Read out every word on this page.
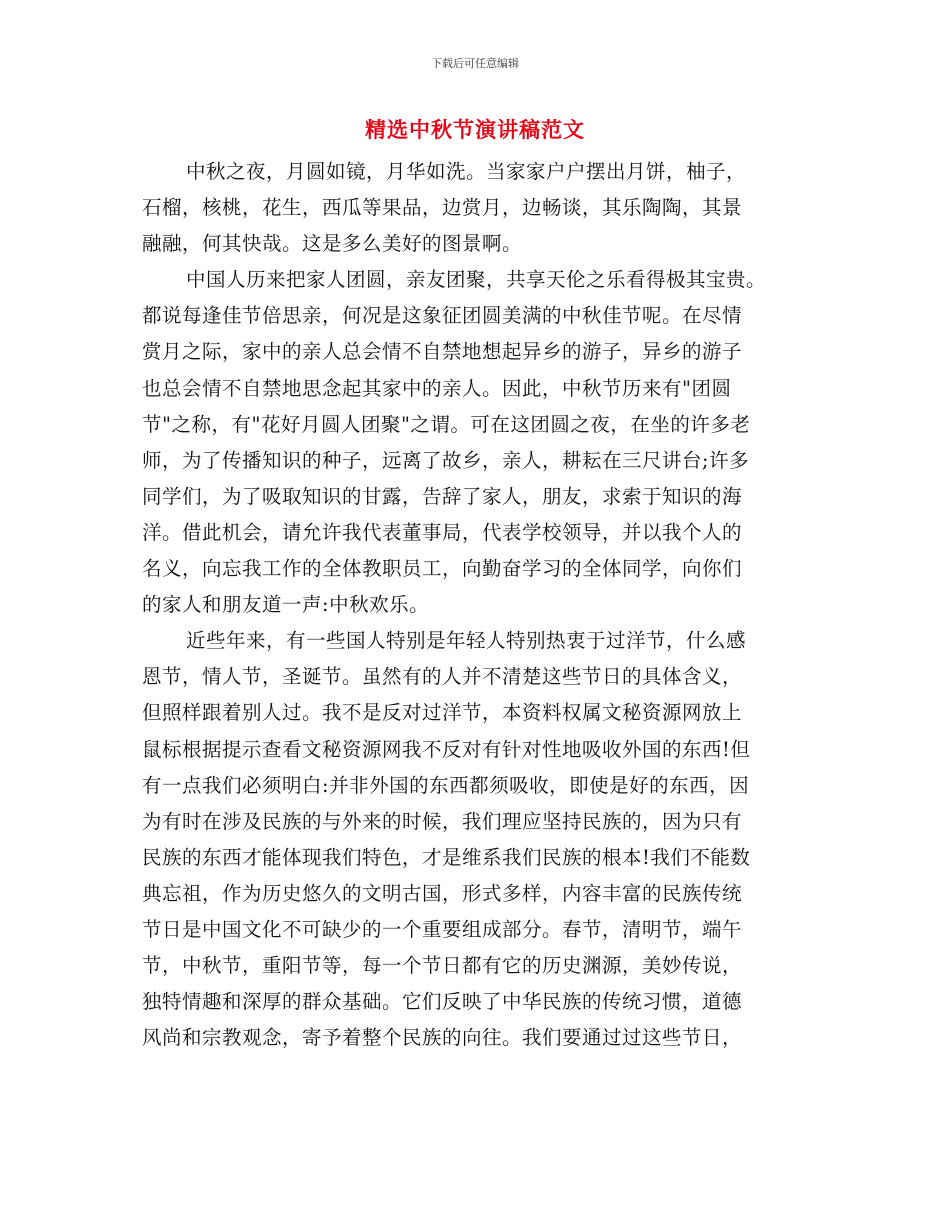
下载后可任意编辑
精选中秋节演讲稿范文
中秋之夜，月圆如镜，月华如洗。当家家户户摆出月饼，柚子，
石榴，核桃，花生，西瓜等果品，边赏月，边畅谈，其乐陶陶，其景
融融，何其快哉。这是多么美好的图景啊。
中国人历来把家人团圆，亲友团聚，共享天伦之乐看得极其宝贵。
都说每逢佳节倍思亲，何况是这象征团圆美满的中秋佳节呢。在尽情
赏月之际，家中的亲人总会情不自禁地想起异乡的游子，异乡的游子
也总会情不自禁地思念起其家中的亲人。因此，中秋节历来有"团圆
节"之称，有"花好月圆人团聚"之谓。可在这团圆之夜，在坐的许多老
师，为了传播知识的种子，远离了故乡，亲人，耕耘在三尺讲台;许多
同学们，为了吸取知识的甘露，告辞了家人，朋友，求索于知识的海
洋。借此机会，请允许我代表董事局，代表学校领导，并以我个人的
名义，向忘我工作的全体教职员工，向勤奋学习的全体同学，向你们
的家人和朋友道一声:中秋欢乐。
近些年来，有一些国人特别是年轻人特别热衷于过洋节，什么感
恩节，情人节，圣诞节。虽然有的人并不清楚这些节日的具体含义，
但照样跟着别人过。我不是反对过洋节，本资料权属文秘资源网放上
鼠标根据提示查看文秘资源网我不反对有针对性地吸收外国的东西!但
有一点我们必须明白:并非外国的东西都须吸收，即使是好的东西，因
为有时在涉及民族的与外来的时候，我们理应坚持民族的，因为只有
民族的东西才能体现我们特色，才是维系我们民族的根本!我们不能数
典忘祖，作为历史悠久的文明古国，形式多样，内容丰富的民族传统
节日是中国文化不可缺少的一个重要组成部分。春节，清明节，端午
节，中秋节，重阳节等，每一个节日都有它的历史渊源，美妙传说，
独特情趣和深厚的群众基础。它们反映了中华民族的传统习惯，道德
风尚和宗教观念，寄予着整个民族的向往。我们要通过过这些节日，
